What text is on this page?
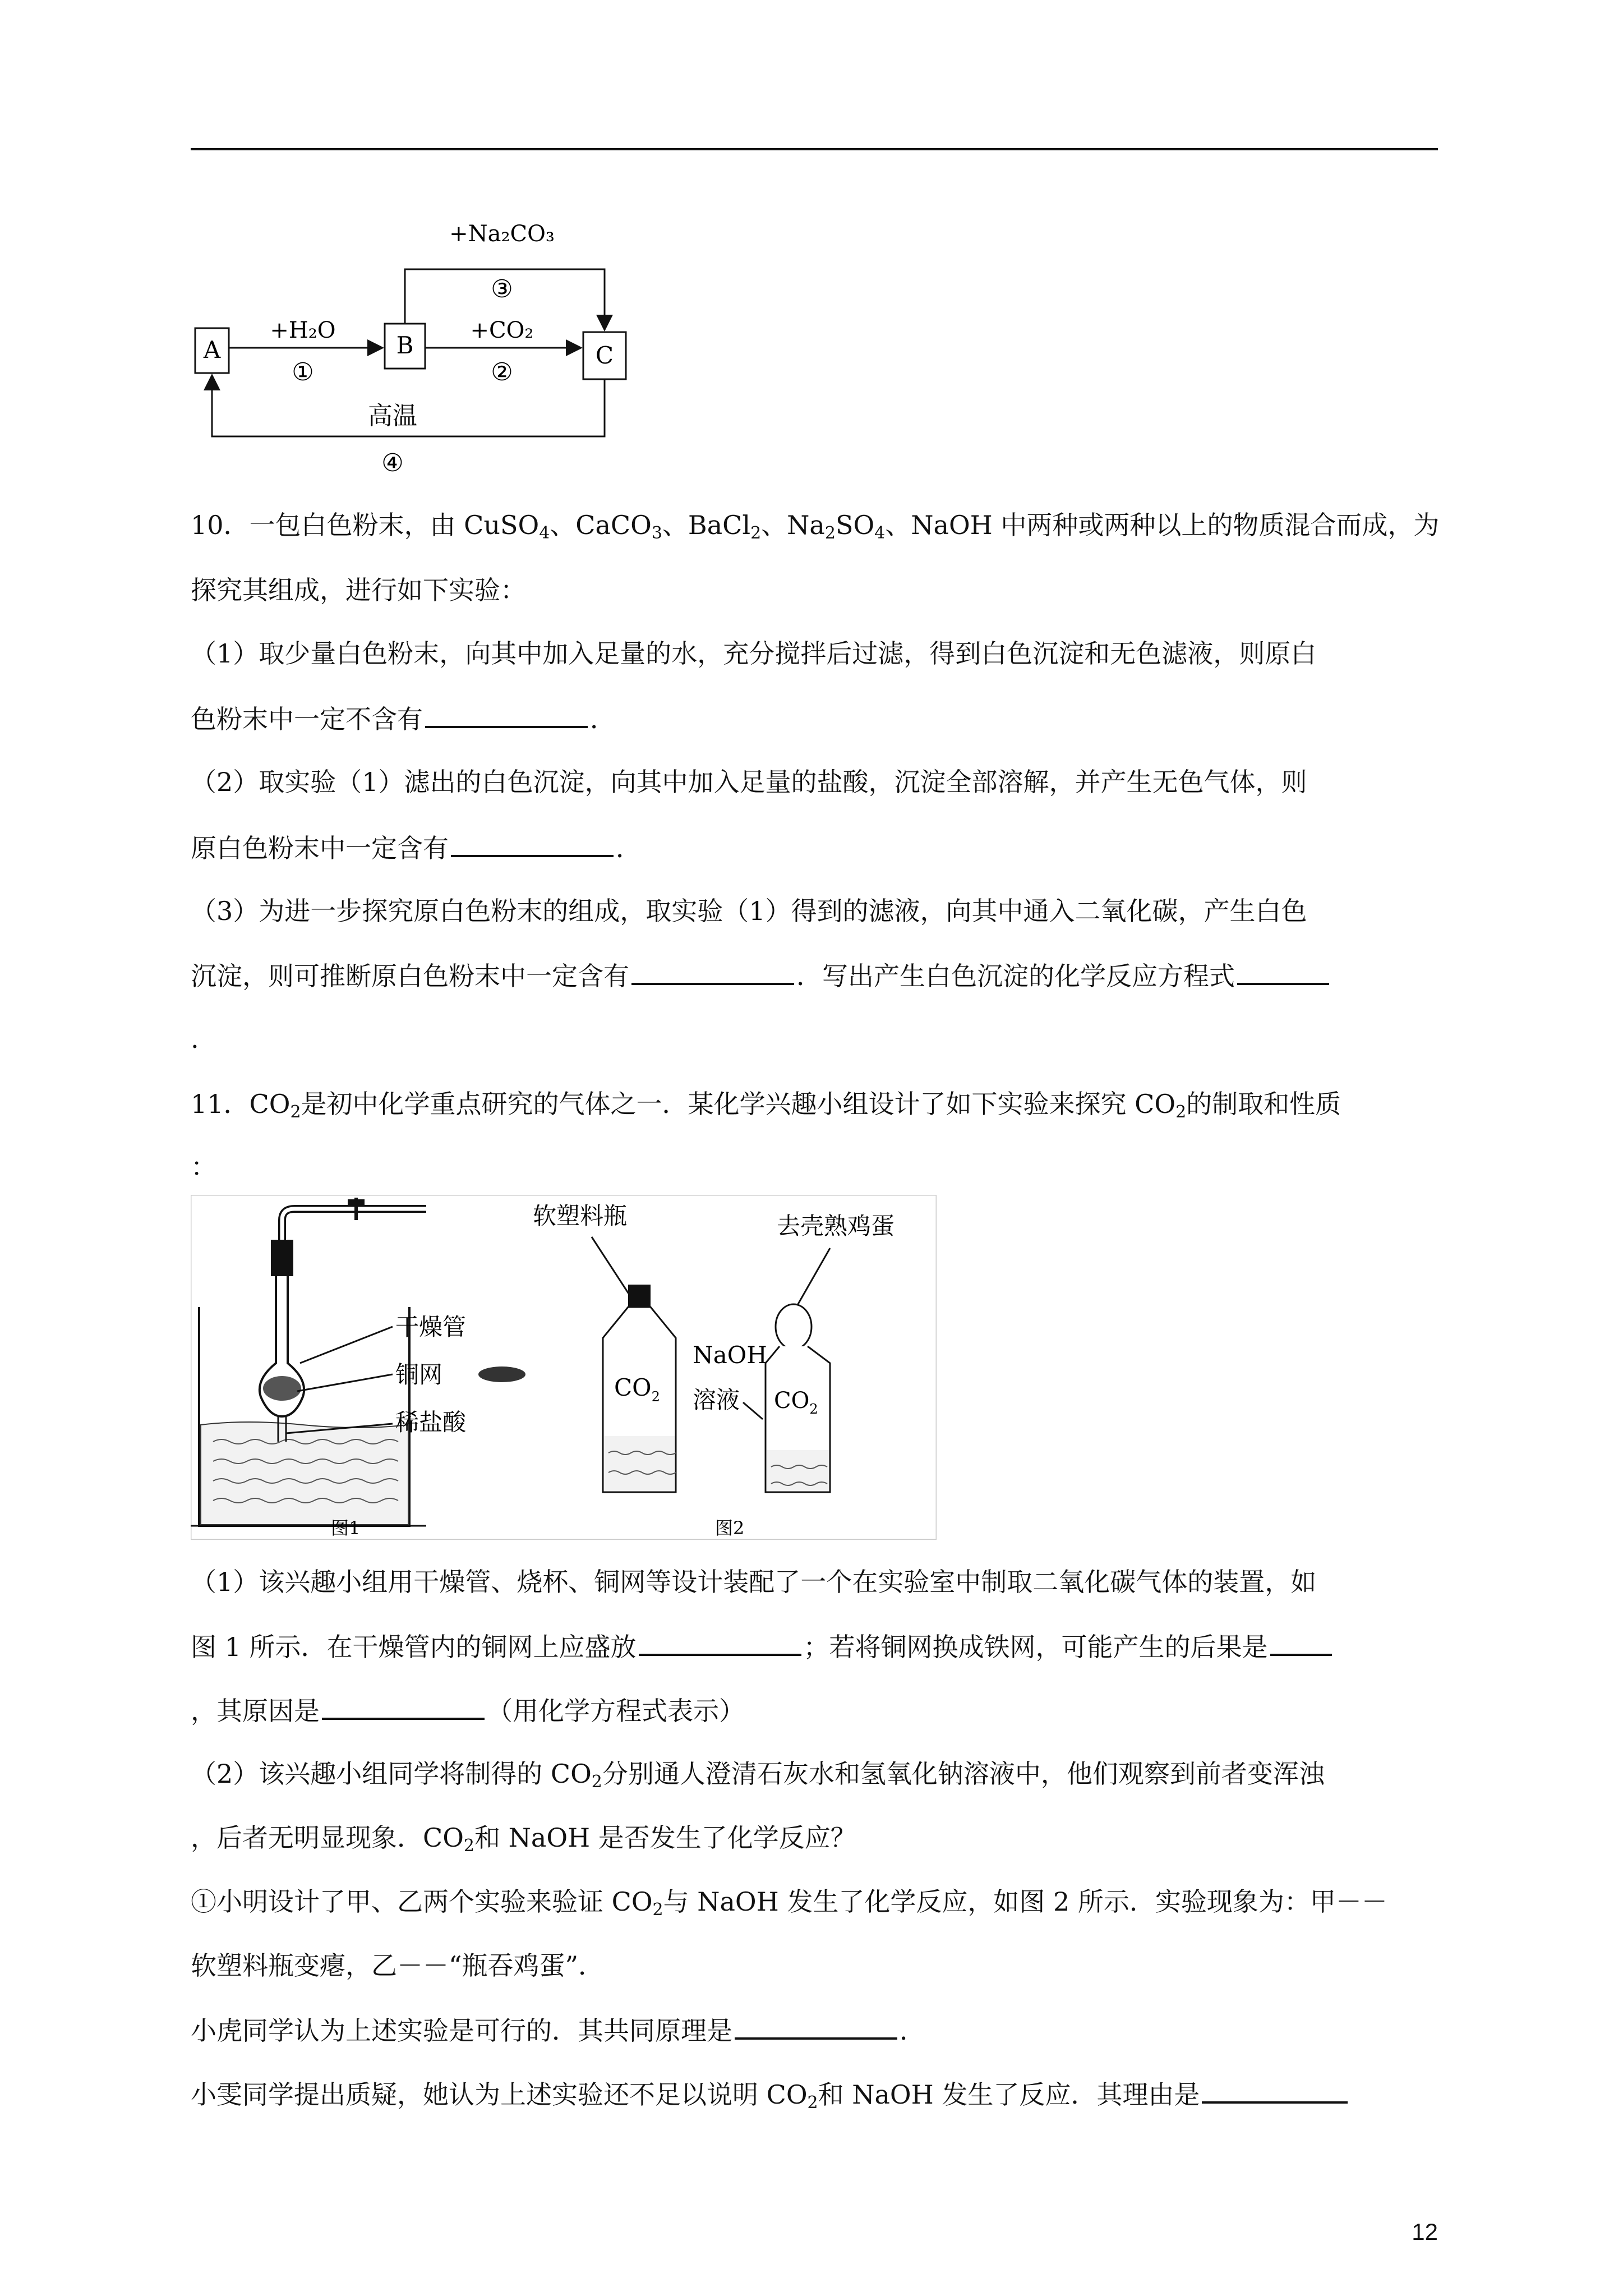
A	B	C
+H₂O
①
+CO₂
②
+Na₂CO₃
③
高温
④
10．一包白色粉末，由 CuSO$_4$、CaCO$_3$、BaCl$_2$、$Na_2SO_4$、NaOH 中两种或两种以上的物质混合而成，为
探究其组成，进行如下实验：
（1）取少量白色粉末，向其中加入足量的水，充分搅拌后过滤，得到白色沉淀和无色滤液，则原白
色粉末中一定不含有	．
（2）取实验（1）滤出的白色沉淀，向其中加入足量的盐酸，沉淀全部溶解，并产生无色气体，则
原白色粉末中一定含有	．
（3）为进一步探究原白色粉末的组成，取实验（1）得到的滤液，向其中通入二氧化碳，产生白色
沉淀，则可推断原白色粉末中一定含有	．写出产生白色沉淀的化学反应方程式
.
11．$CO_2$是初中化学重点研究的气体之一．某化学兴趣小组设计了如下实验来探究 $CO_2$的制取和性质
：
干燥管
铜网
稀盐酸
图1
软塑料瓶
$CO_2$
NaOH
溶液
去壳熟鸡蛋
$CO_2$
图2
（1）该兴趣小组用干燥管、烧杯、铜网等设计装配了一个在实验室中制取二氧化碳气体的装置，如
图 1 所示．在干燥管内的铜网上应盛放	；若将铜网换成铁网，可能产生的后果是
，其原因是	（用化学方程式表示）
（2）该兴趣小组同学将制得的 $CO_2$分别通人澄清石灰水和氢氧化钠溶液中，他们观察到前者变浑浊
，后者无明显现象．$CO_2$和 NaOH 是否发生了化学反应？
①小明设计了甲、乙两个实验来验证 $CO_2$与 NaOH 发生了化学反应，如图 2 所示．实验现象为：甲－－
软塑料瓶变瘪，乙－－“瓶吞鸡蛋”．
小虎同学认为上述实验是可行的．其共同原理是	．
小雯同学提出质疑，她认为上述实验还不足以说明 $CO_2$和 NaOH 发生了反应．其理由是
12
